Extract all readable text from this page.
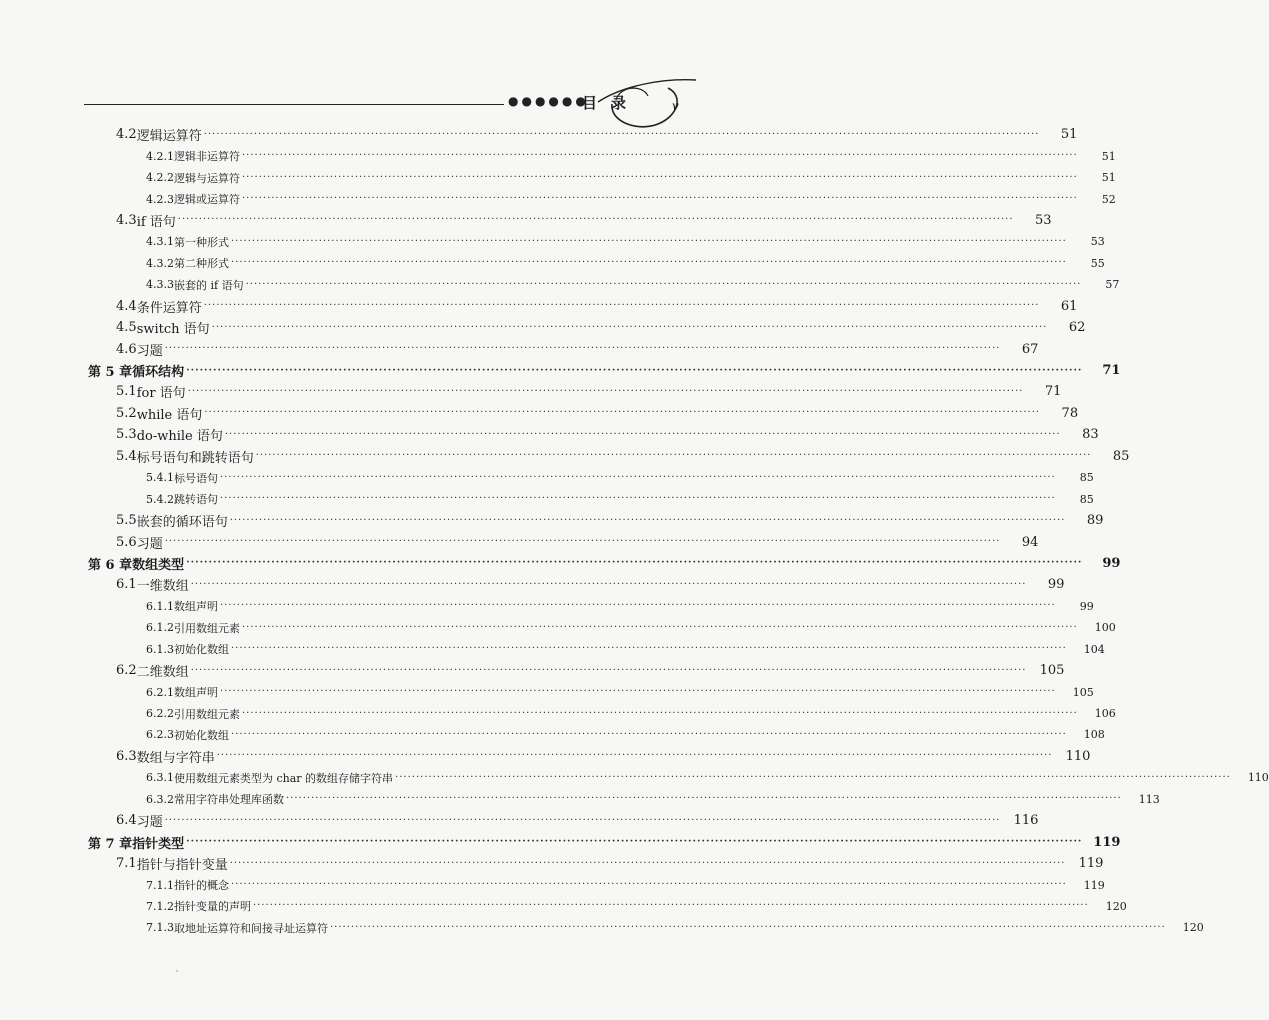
●●●●●●
目录	v
4.2 逻辑运算符 ········································································································································································································	51
4.2.1 逻辑非运算符 ········································································································································································································	51
4.2.2 逻辑与运算符 ········································································································································································································	51
4.2.3 逻辑或运算符 ········································································································································································································	52
4.3 if 语句 ········································································································································································································	53
4.3.1 第一种形式 ········································································································································································································	53
4.3.2 第二种形式 ········································································································································································································	55
4.3.3 嵌套的 if 语句 ········································································································································································································	57
4.4 条件运算符 ········································································································································································································	61
4.5 switch 语句 ········································································································································································································	62
4.6 习题 ········································································································································································································	67
第 5 章 循环结构 ········································································································································································································	71
5.1 for 语句 ········································································································································································································	71
5.2 while 语句 ········································································································································································································	78
5.3 do-while 语句 ········································································································································································································	83
5.4 标号语句和跳转语句 ········································································································································································································	85
5.4.1 标号语句 ········································································································································································································	85
5.4.2 跳转语句 ········································································································································································································	85
5.5 嵌套的循环语句 ········································································································································································································	89
5.6 习题 ········································································································································································································	94
第 6 章 数组类型 ········································································································································································································	99
6.1 一维数组 ········································································································································································································	99
6.1.1 数组声明 ········································································································································································································	99
6.1.2 引用数组元素 ········································································································································································································	100
6.1.3 初始化数组 ········································································································································································································	104
6.2 二维数组 ········································································································································································································	105
6.2.1 数组声明 ········································································································································································································	105
6.2.2 引用数组元素 ········································································································································································································	106
6.2.3 初始化数组 ········································································································································································································	108
6.3 数组与字符串 ········································································································································································································	110
6.3.1 使用数组元素类型为 char 的数组存储字符串 ········································································································································································································	110
6.3.2 常用字符串处理库函数 ········································································································································································································	113
6.4 习题 ········································································································································································································	116
第 7 章 指针类型 ········································································································································································································ 119
7.1 指针与指针变量 ········································································································································································································	119
7.1.1 指针的概念 ········································································································································································································	119
7.1.2 指针变量的声明 ········································································································································································································	120
7.1.3 取地址运算符和间接寻址运算符 ········································································································································································································	120
